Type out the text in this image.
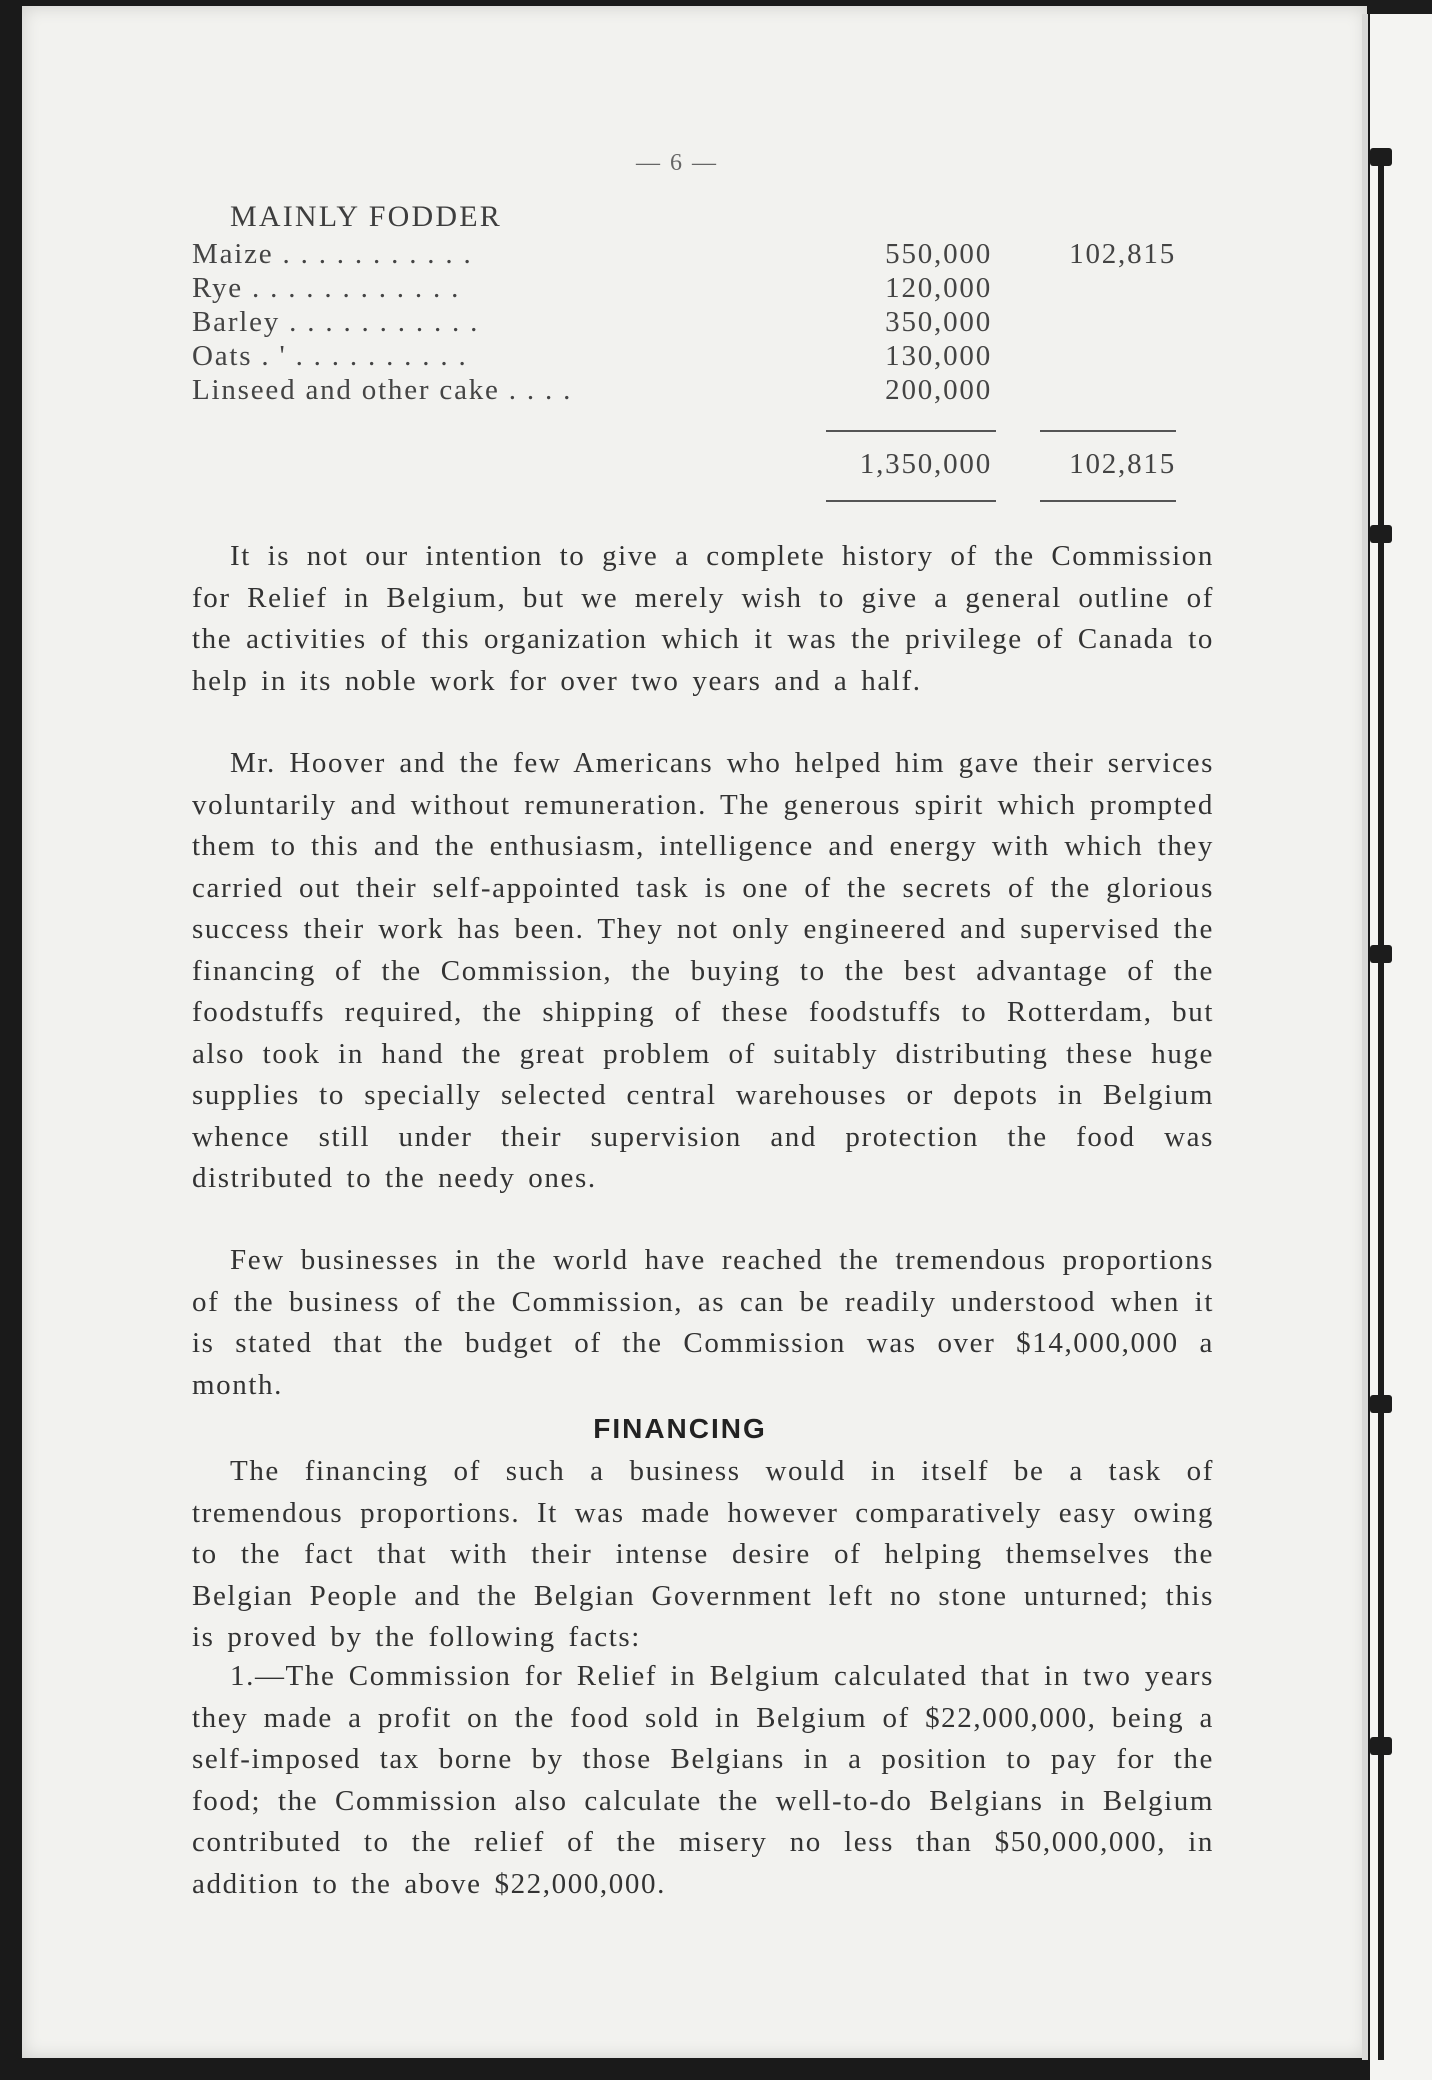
— 6 —
MAINLY FODDER
Maize . . . . . . . . . . .	550,000	102,815
Rye . . . . . . . . . . . .	120,000
Barley . . . . . . . . . . .	350,000
Oats . ' . . . . . . . . . .	130,000
Linseed and other cake . . . .	200,000
1,350,000	102,815

It is not our intention to give a complete history of the Commission for Relief in Belgium, but we merely wish to give a general outline of the activities of this organization which it was the privilege of Canada to help in its noble work for over two years and a half.

Mr. Hoover and the few Americans who helped him gave their services voluntarily and without remuneration. The generous spirit which prompted them to this and the enthusiasm, intelligence and energy with which they carried out their self-appointed task is one of the secrets of the glorious success their work has been. They not only engineered and supervised the financing of the Commission, the buying to the best advantage of the foodstuffs required, the shipping of these foodstuffs to Rotterdam, but also took in hand the great problem of suitably distributing these huge supplies to specially selected central warehouses or depots in Belgium whence still under their supervision and protection the food was distributed to the needy ones.

Few businesses in the world have reached the tremendous proportions of the business of the Commission, as can be readily understood when it is stated that the budget of the Commission was over $14,000,000 a month.

FINANCING

The financing of such a business would in itself be a task of tremendous proportions. It was made however comparatively easy owing to the fact that with their intense desire of helping themselves the Belgian People and the Belgian Government left no stone unturned; this is proved by the following facts:

1.—The Commission for Relief in Belgium calculated that in two years they made a profit on the food sold in Belgium of $22,000,000, being a self-imposed tax borne by those Belgians in a position to pay for the food; the Commission also calculate the well-to-do Belgians in Belgium contributed to the relief of the misery no less than $50,000,000, in addition to the above $22,000,000.
